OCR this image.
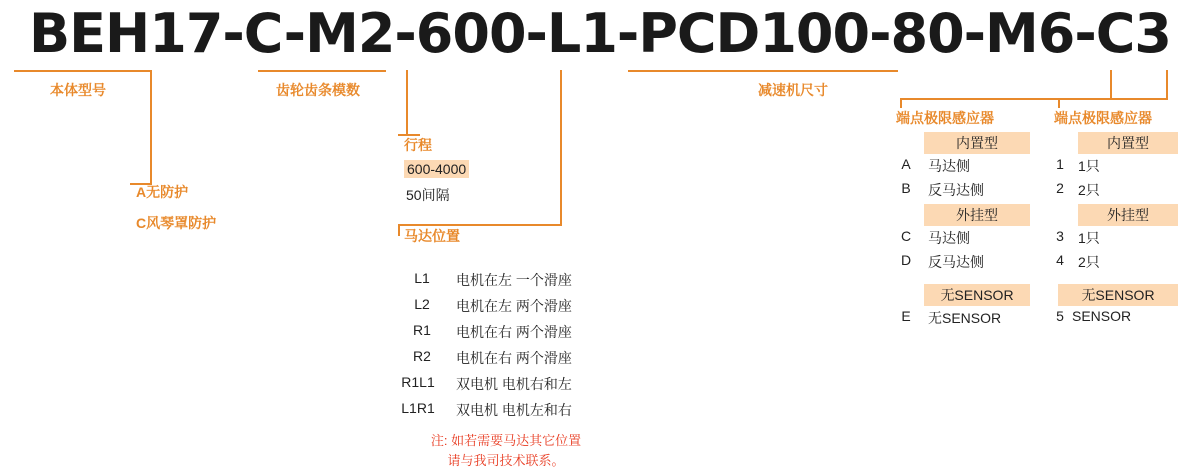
BEH17-C-M2-600-L1-PCD100-80-M6-C3
本体型号
A无防护
C风琴罩防护
齿轮齿条模数
行程
600-4000
50间隔
马达位置
L1	电机在左 一个滑座
L2	电机在左 两个滑座
R1	电机在右 两个滑座
R2	电机在右 两个滑座
R1L1	双电机 电机右和左
L1R1	双电机 电机左和右
注: 如若需要马达其它位置
请与我司技术联系。
减速机尺寸
端点极限感应器
内置型
A	马达侧
B	反马达侧
外挂型
C	马达侧
D	反马达侧
无SENSOR
E	无SENSOR
端点极限感应器
内置型
1 1只
2 2只
外挂型
3 1只
4 2只
无SENSOR
5 SENSOR
